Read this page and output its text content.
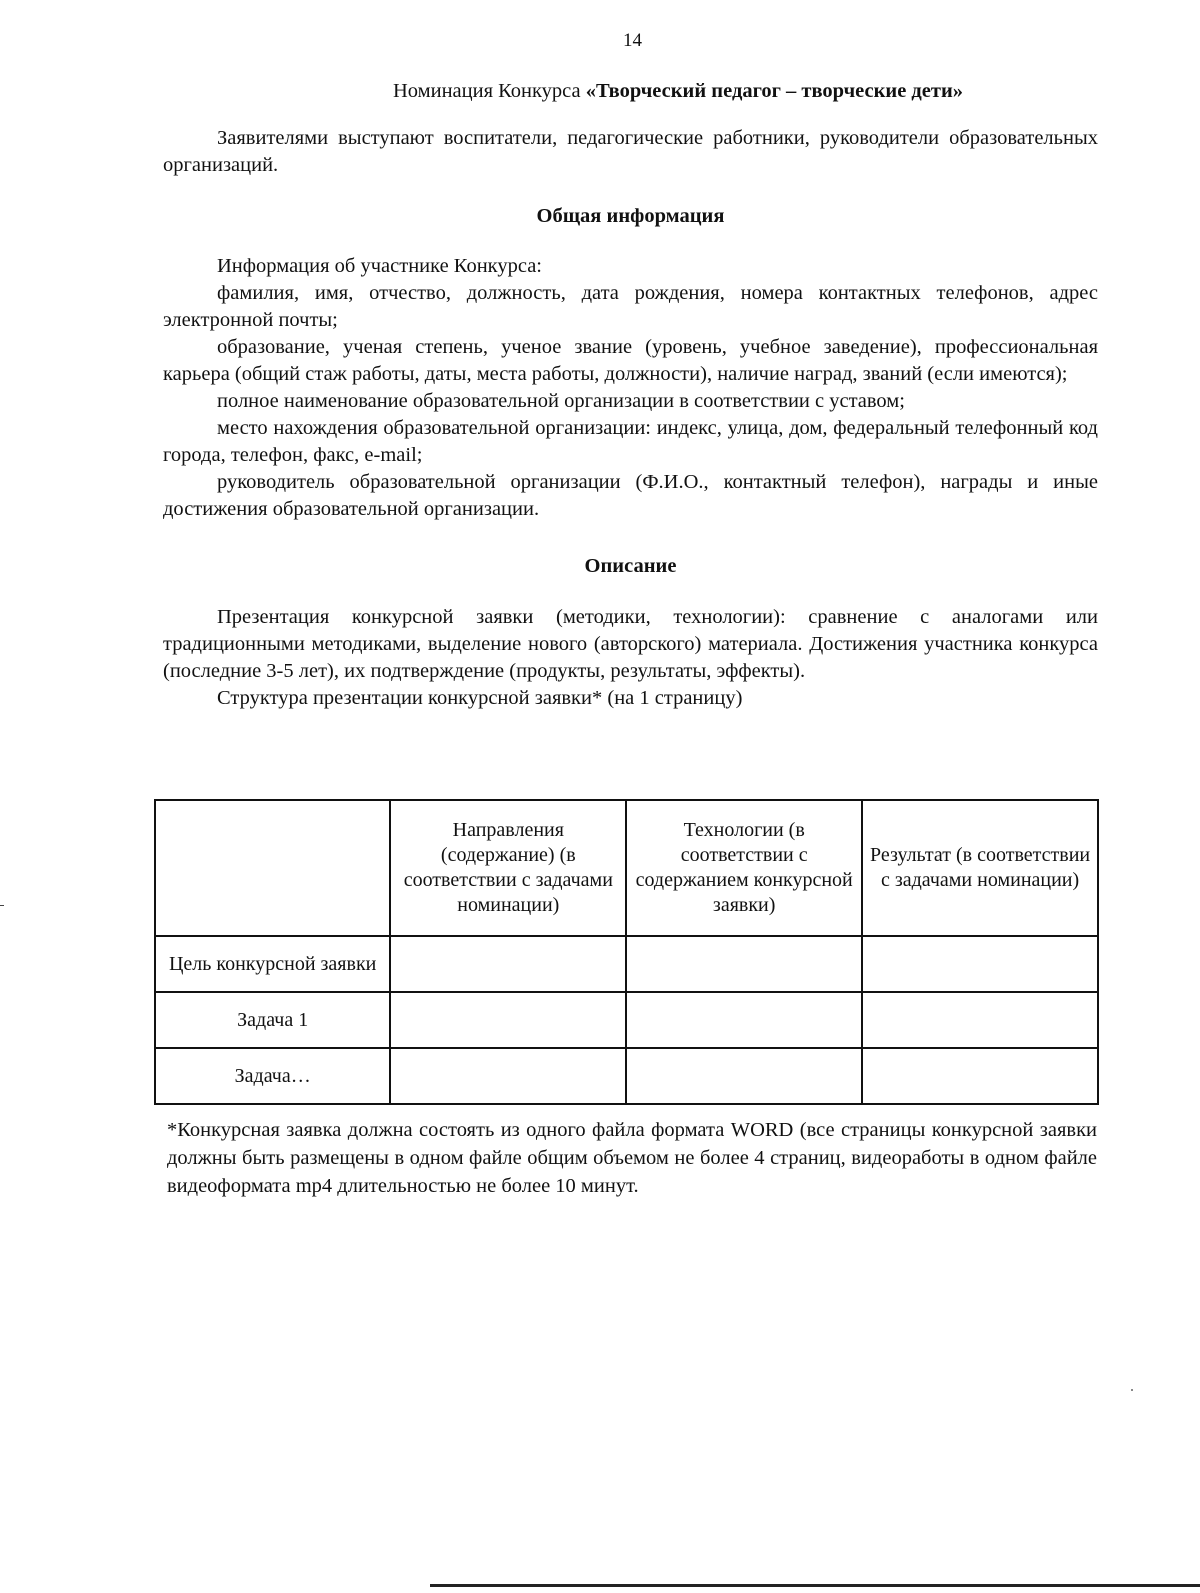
14
Номинация Конкурса «Творческий педагог – творческие дети»

Заявителями выступают воспитатели, педагогические работники, руководители образовательных организаций.

Общая информация

Информация об участнике Конкурса:

фамилия, имя, отчество, должность, дата рождения, номера контактных телефонов, адрес электронной почты;

образование, ученая степень, ученое звание (уровень, учебное заведение), профессиональная карьера (общий стаж работы, даты, места работы, должности), наличие наград, званий (если имеются);

полное наименование образовательной организации в соответствии с уставом;

место нахождения образовательной организации: индекс, улица, дом, федеральный телефонный код города, телефон, факс, e-mail;

руководитель образовательной организации (Ф.И.О., контактный телефон), награды и иные достижения образовательной организации.

Описание

Презентация конкурсной заявки (методики, технологии): сравнение с аналогами или традиционными методиками, выделение нового (авторского) материала. Достижения участника конкурса (последние 3-5 лет), их подтверждение (продукты, результаты, эффекты).

Структура презентации конкурсной заявки* (на 1 страницу)

	Направления (содержание) (в соответствии с задачами номинации)	Технологии (в соответствии с содержанием конкурсной заявки)	Результат (в соответствии с задачами номинации)
Цель конкурсной заявки			
Задача 1			
Задача…			
*Конкурсная заявка должна состоять из одного файла формата WORD (все страницы конкурсной заявки должны быть размещены в одном файле общим объемом не более 4 страниц, видеоработы в одном файле видеоформата mp4 длительностью не более 10 минут.
